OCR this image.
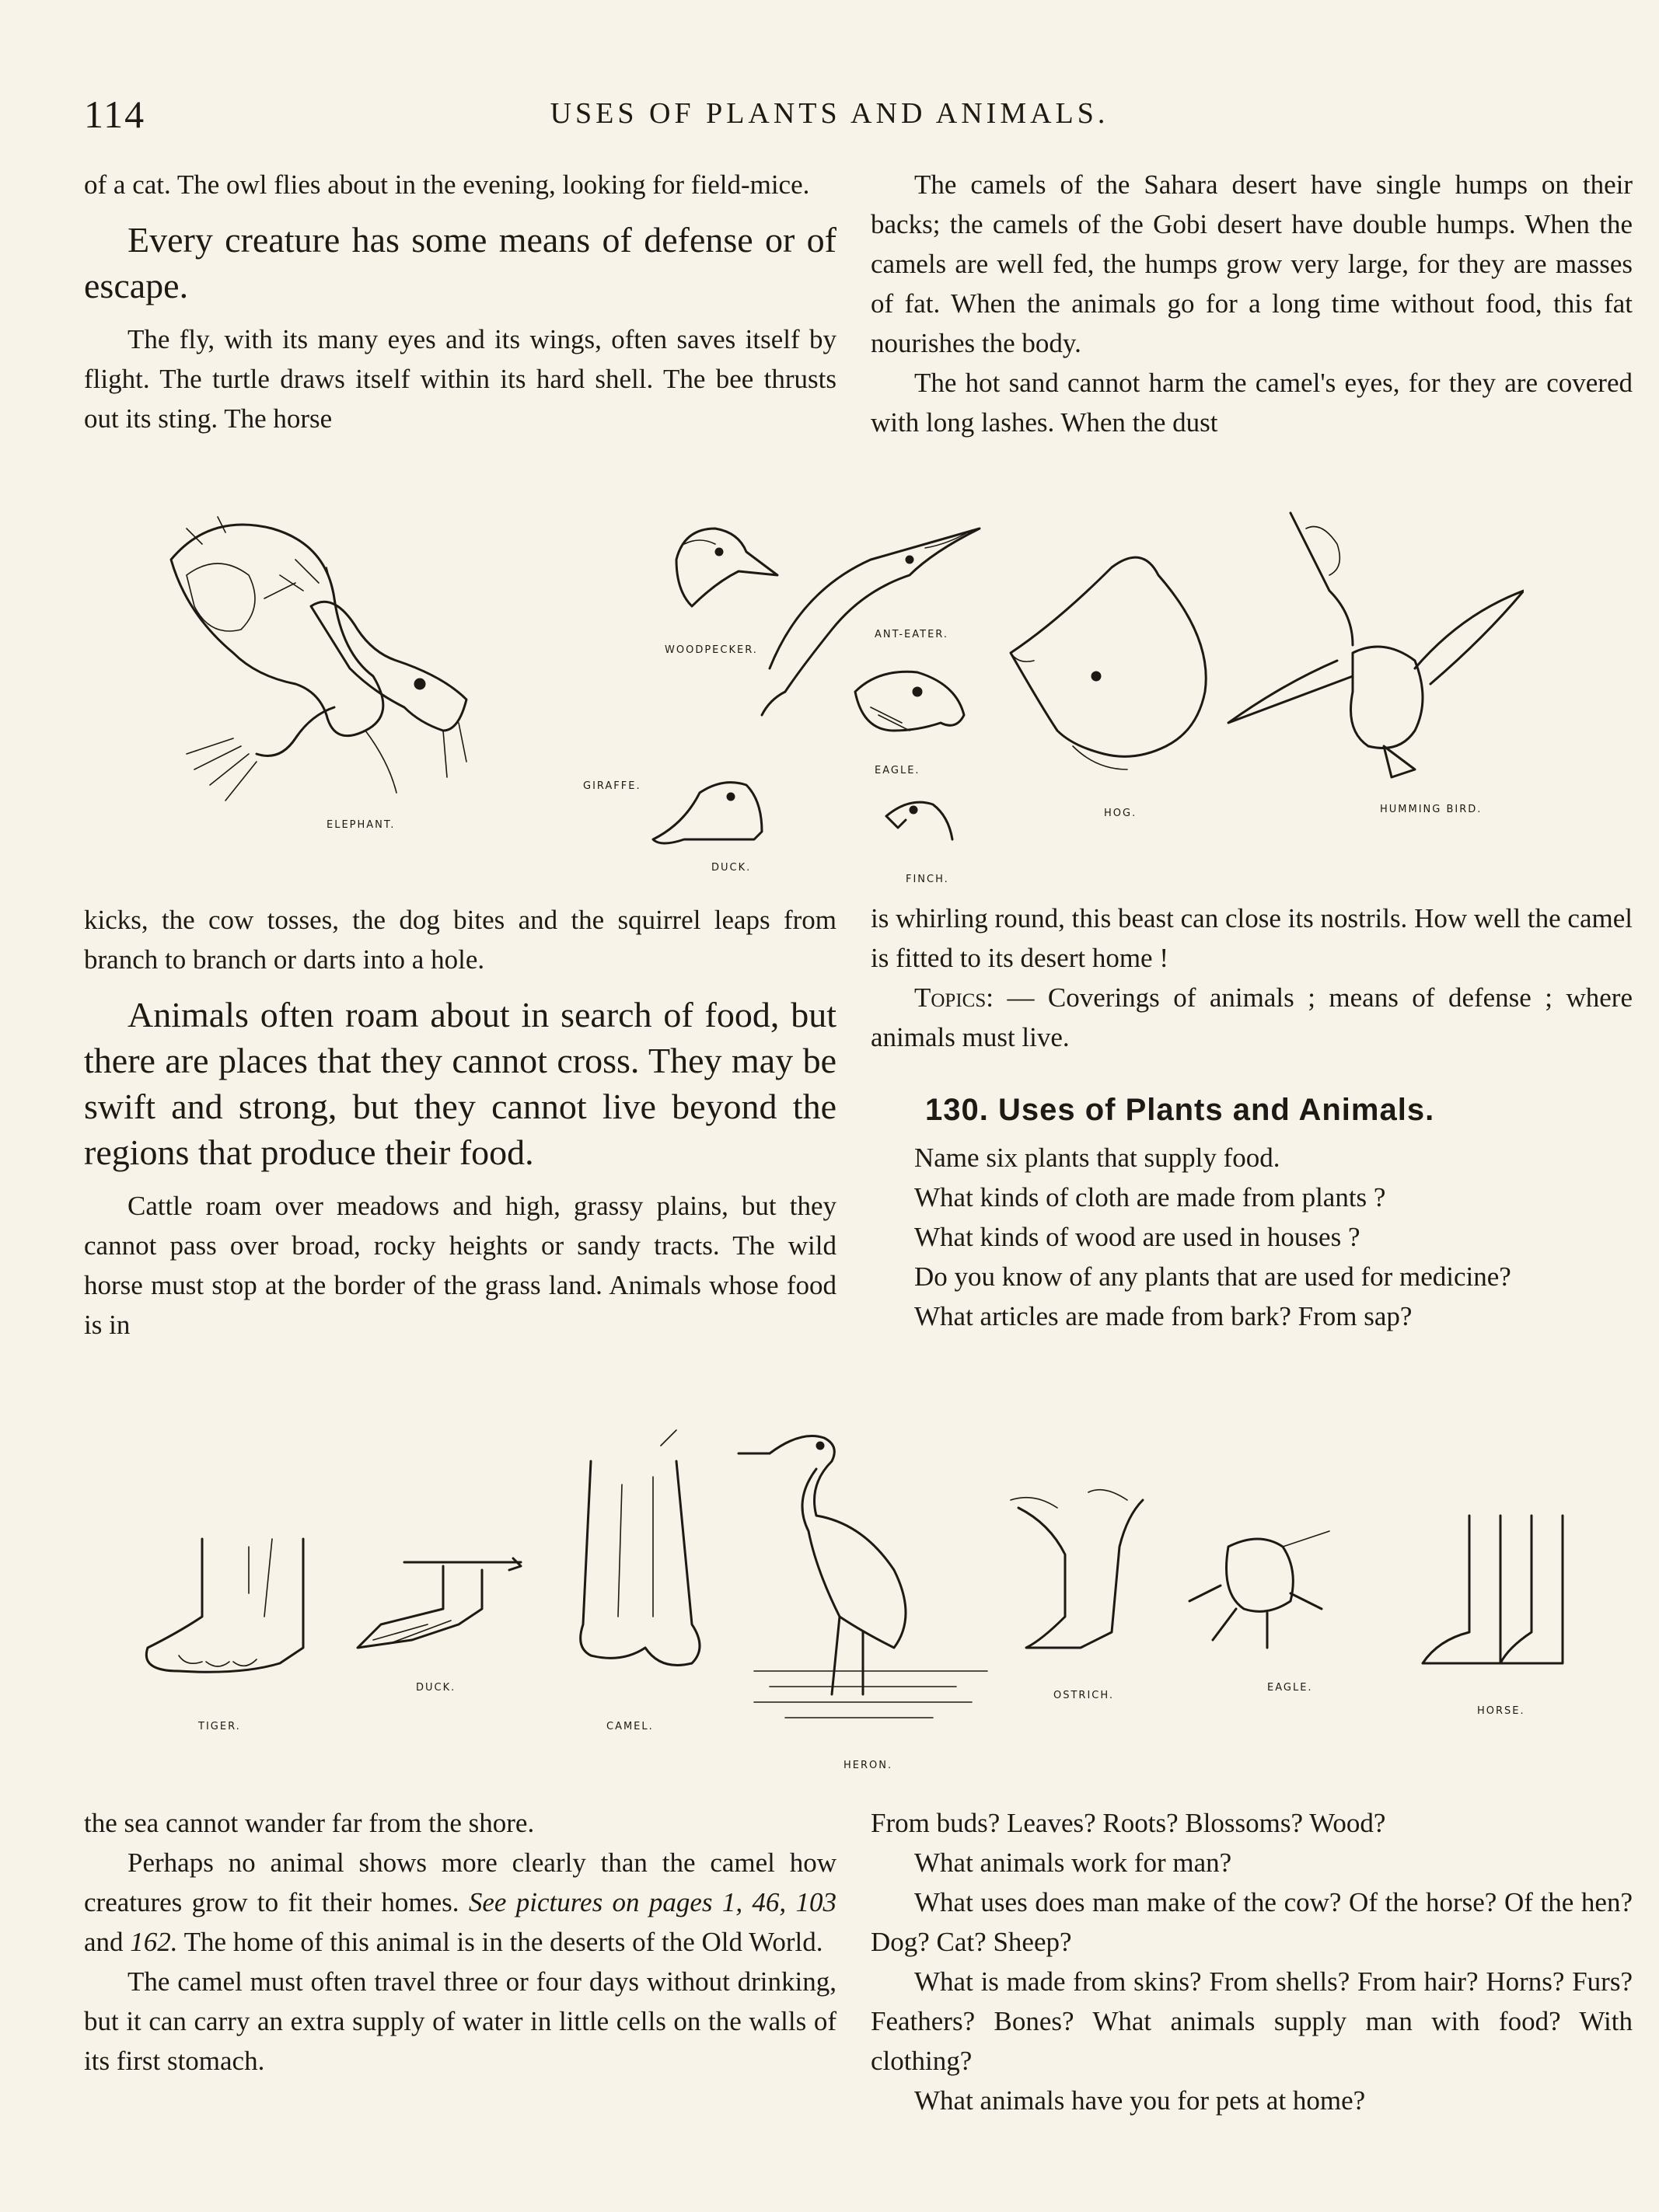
114	USES OF PLANTS AND ANIMALS.

of a cat. The owl flies about in the evening, looking for field-mice.

Every creature has some means of defense or of escape.

The fly, with its many eyes and its wings, often saves itself by flight. The turtle draws itself within its hard shell. The bee thrusts out its sting. The horse

The camels of the Sahara desert have single humps on their backs; the camels of the Gobi desert have double humps. When the camels are well fed, the humps grow very large, for they are masses of fat. When the animals go for a long time without food, this fat nourishes the body.

The hot sand cannot harm the camel's eyes, for they are covered with long lashes. When the dust

ELEPHANT.
GIRAFFE.
WOODPECKER.
DUCK.
ANT-EATER.
EAGLE.
FINCH.
HOG.	HUMMING BIRD.

kicks, the cow tosses, the dog bites and the squirrel leaps from branch to branch or darts into a hole.

Animals often roam about in search of food, but there are places that they cannot cross. They may be swift and strong, but they cannot live beyond the regions that produce their food.

Cattle roam over meadows and high, grassy plains, but they cannot pass over broad, rocky heights or sandy tracts. The wild horse must stop at the border of the grass land. Animals whose food is in

is whirling round, this beast can close its nostrils. How well the camel is fitted to its desert home !

Topics: — Coverings of animals ; means of defense ; where animals must live.

130. Uses of Plants and Animals.

Name six plants that supply food.

What kinds of cloth are made from plants ?

What kinds of wood are used in houses ?

Do you know of any plants that are used for medicine?

What articles are made from bark? From sap?

TIGER.
DUCK.
CAMEL.
HERON.
OSTRICH.
EAGLE.
HORSE.

the sea cannot wander far from the shore.

Perhaps no animal shows more clearly than the camel how creatures grow to fit their homes. See pictures on pages 1, 46, 103 and 162. The home of this animal is in the deserts of the Old World.

The camel must often travel three or four days without drinking, but it can carry an extra supply of water in little cells on the walls of its first stomach.

From buds? Leaves? Roots? Blossoms? Wood?

What animals work for man?

What uses does man make of the cow? Of the horse? Of the hen? Dog? Cat? Sheep?

What is made from skins? From shells? From hair? Horns? Furs? Feathers? Bones? What animals supply man with food? With clothing?

What animals have you for pets at home?
